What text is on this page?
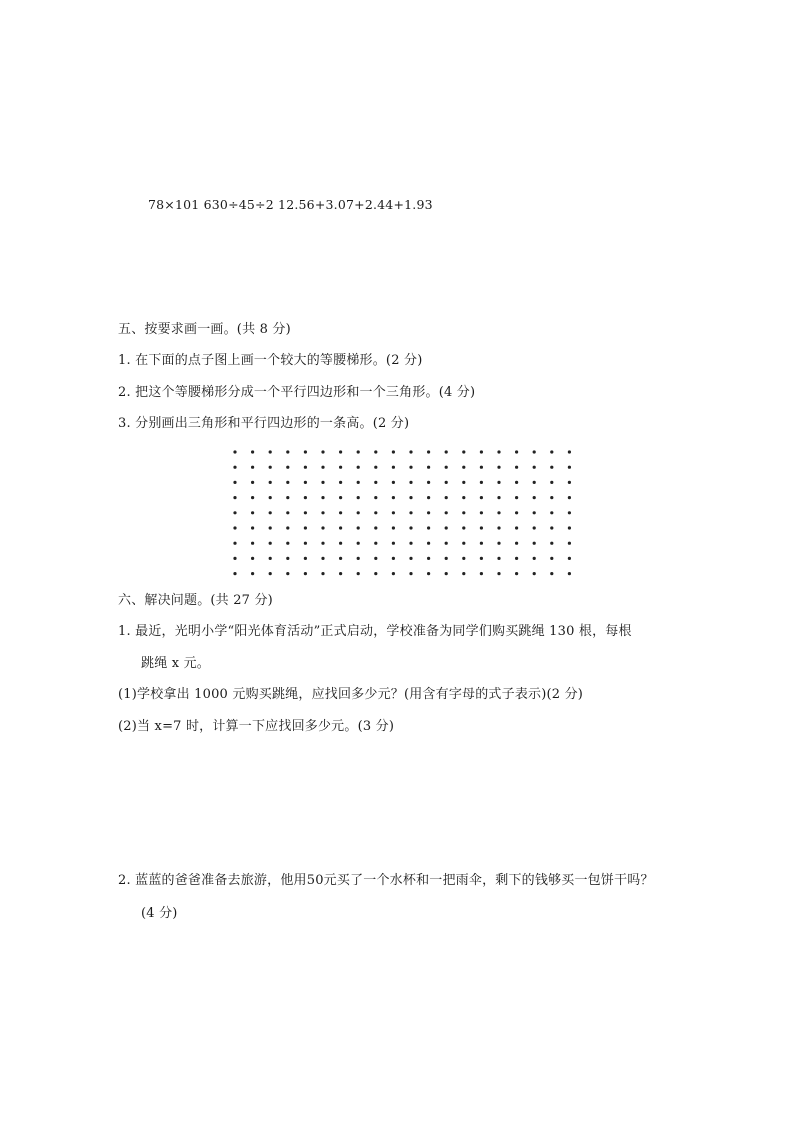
78×101 630÷45÷2 12.56+3.07+2.44+1.93
五、按要求画一画。(共 8 分)
1. 在下面的点子图上画一个较大的等腰梯形。(2 分)
2. 把这个等腰梯形分成一个平行四边形和一个三角形。(4 分)
3. 分别画出三角形和平行四边形的一条高。(2 分)
六、解决问题。(共 27 分)
1. 最近，光明小学“阳光体育活动”正式启动，学校准备为同学们购买跳绳 130 根，每根
跳绳 x 元。
(1)学校拿出 1000 元购买跳绳，应找回多少元？(用含有字母的式子表示)(2 分)
(2)当 x=7 时，计算一下应找回多少元。(3 分)
2. 蓝蓝的爸爸准备去旅游，他用50元买了一个水杯和一把雨伞，剩下的钱够买一包饼干吗？
(4 分)
